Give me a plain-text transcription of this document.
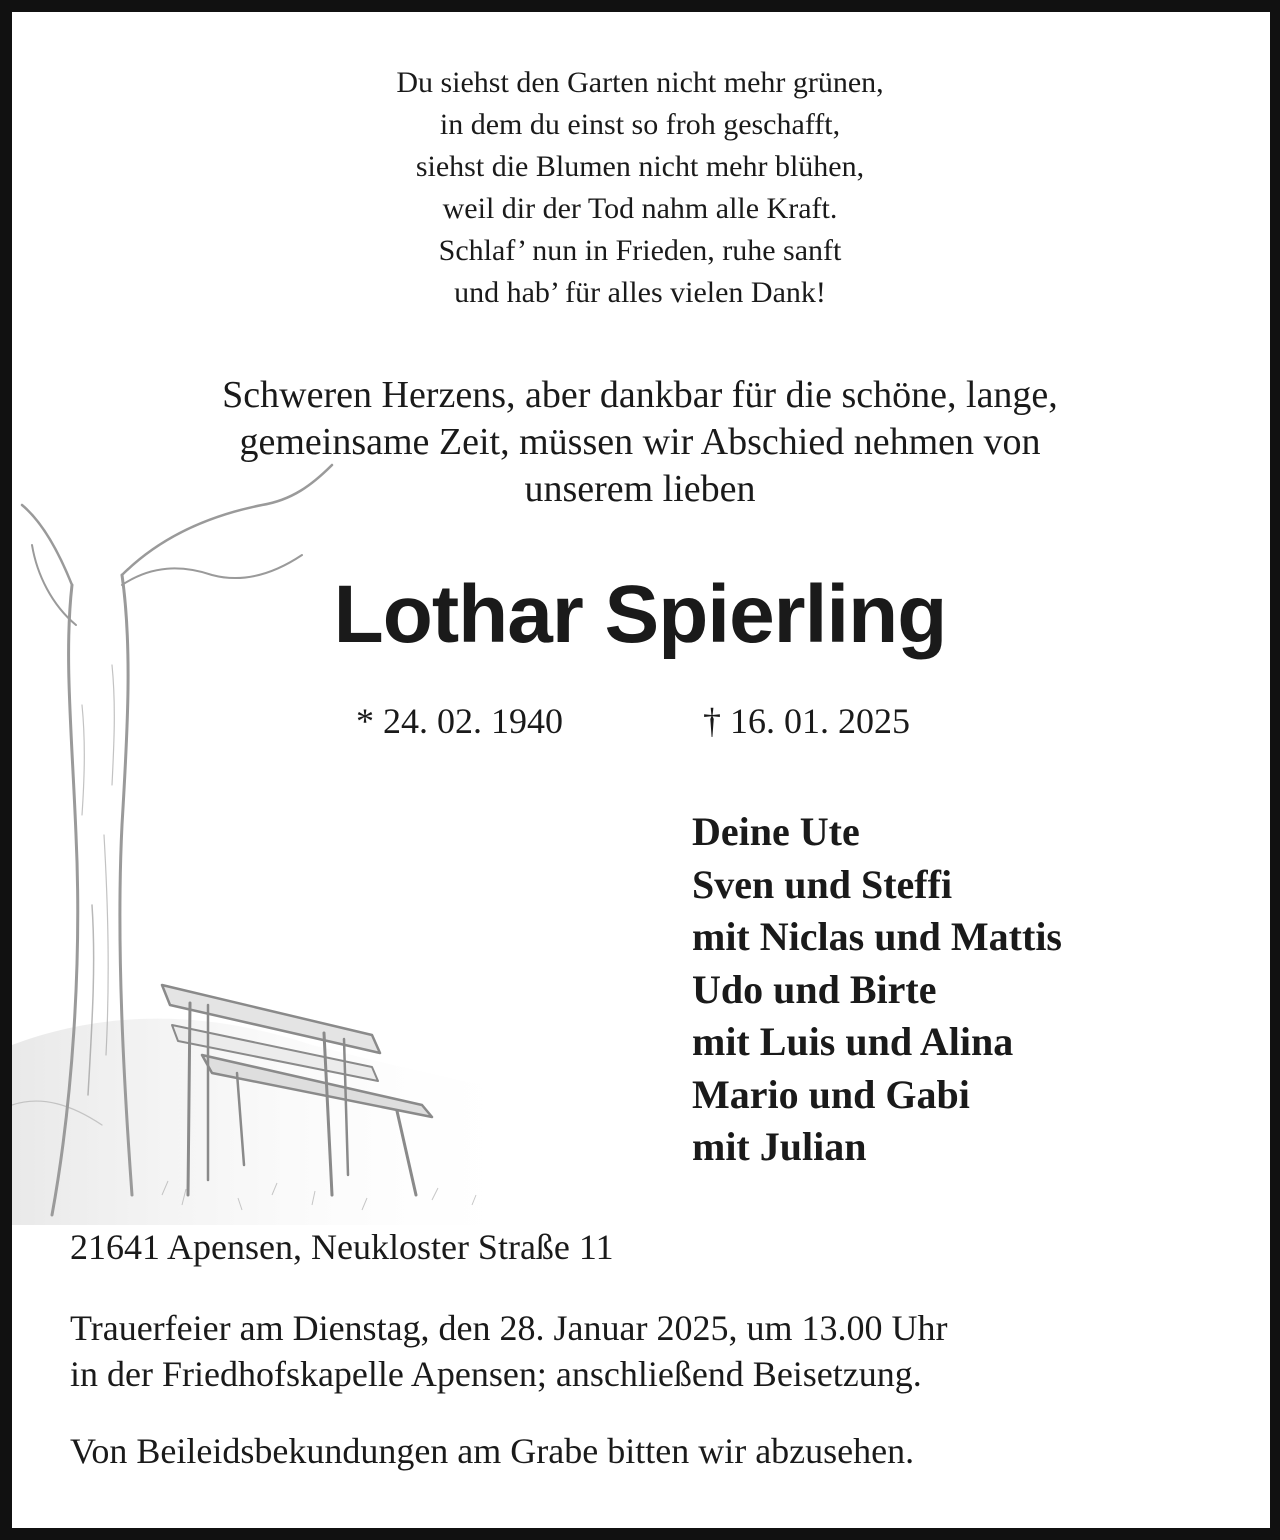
Du siehst den Garten nicht mehr grünen,
in dem du einst so froh geschafft,
siehst die Blumen nicht mehr blühen,
weil dir der Tod nahm alle Kraft.
Schlaf’ nun in Frieden, ruhe sanft
und hab’ für alles vielen Dank!
Schweren Herzens, aber dankbar für die schöne, lange,
gemeinsame Zeit, müssen wir Abschied nehmen von
unserem lieben
Lothar Spierling
* 24. 02. 1940	† 16. 01. 2025
Deine Ute
Sven und Steffi
mit Niclas und Mattis
Udo und Birte
mit Luis und Alina
Mario und Gabi
mit Julian
21641 Apensen, Neukloster Straße 11
Trauerfeier am Dienstag, den 28. Januar 2025, um 13.00 Uhr
in der Friedhofskapelle Apensen; anschließend Beisetzung.
Von Beileidsbekundungen am Grabe bitten wir abzusehen.
